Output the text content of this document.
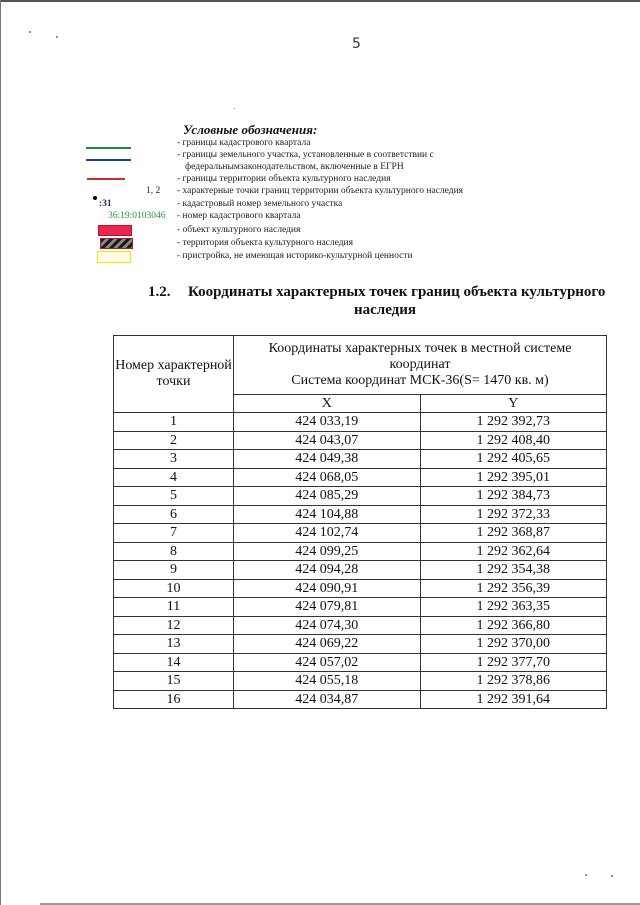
5
Условные обозначения:
- границы кадастрового квартала
- границы земельного участка, установленные в соответствии с
федеральнымзаконодательством, включенные в ЕГРН
- границы территории объекта культурного наследия
1, 2 - характерные точки границ территории объекта культурного наследия
:31	- кадастровый номер земельного участка
36:19:0103046 - номер кадастрового квартала
- объект культурного наследия
- территория объекта культурного наследия
- пристройка, не имеющая историко-культурной ценности
1.2. Координаты характерных точек границ объекта культурного
наследия
Номер характерной точки	Координаты характерных точек в местной системе
координат
Система координат МСК-36(S= 1470 кв. м)	
	X	Y
1	424 033,19	1 292 392,73
2	424 043,07	1 292 408,40
3	424 049,38	1 292 405,65
4	424 068,05	1 292 395,01
5	424 085,29	1 292 384,73
6	424 104,88	1 292 372,33
7	424 102,74	1 292 368,87
8	424 099,25	1 292 362,64
9	424 094,28	1 292 354,38
10	424 090,91	1 292 356,39
11	424 079,81	1 292 363,35
12	424 074,30	1 292 366,80
13	424 069,22	1 292 370,00
14	424 057,02	1 292 377,70
15	424 055,18	1 292 378,86
16	424 034,87	1 292 391,64
